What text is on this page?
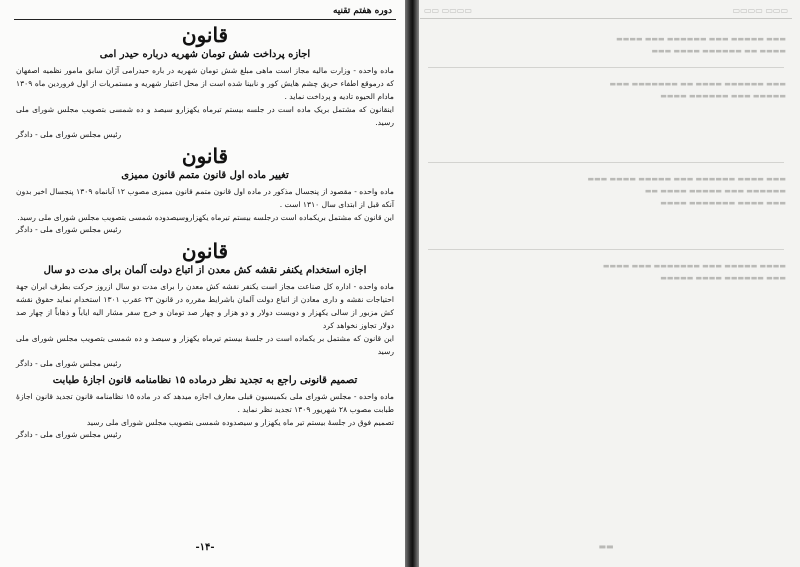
▭▭▭ ▭▭▭▭
▭▭▭▭ ▭▭
▬▬▬ ▬▬▬▬▬ ▬▬▬ ▬▬▬▬▬▬ ▬▬▬ ▬▬▬▬
▬▬▬▬ ▬▬ ▬▬▬▬▬▬ ▬▬▬▬ ▬▬▬
▬▬▬ ▬▬▬▬▬▬ ▬▬▬▬ ▬▬ ▬▬▬▬▬▬▬ ▬▬▬
▬▬▬▬▬ ▬▬▬ ▬▬▬▬▬▬ ▬▬▬▬
▬▬▬ ▬▬▬▬ ▬▬▬▬▬▬ ▬▬▬ ▬▬▬▬▬ ▬▬▬▬ ▬▬▬
▬▬▬▬▬▬ ▬▬▬ ▬▬▬▬▬ ▬▬▬▬ ▬▬
▬▬▬ ▬▬▬▬ ▬▬▬▬▬▬▬ ▬▬▬▬
▬▬▬▬ ▬▬▬▬▬ ▬▬▬ ▬▬▬▬▬▬▬ ▬▬▬ ▬▬▬▬
▬▬▬ ▬▬▬▬▬▬ ▬▬▬▬ ▬▬▬▬▬
▬▬
دوره هفتم تقنیه
قانون
اجازه پرداخت شش تومان شهریه درباره حیدر امی

ماده واحده - وزارت مالیه مجاز است ماهی مبلغ شش تومان شهریه در باره حیدرامی آژان سابق مامور نظمیه اصفهان که درموقع اطفاء حریق چشم هایش کور و نابینا شده است از محل اعتبار شهریه و مستمریات از اول فروردین ماه ۱۳۰۹ مادام الحیوه تادیه و پرداخت نماید .

اینقانون که مشتمل بریک ماده است در جلسه بیستم تیرماه یکهزارو سیصد و ده شمسی بتصویب مجلس شورای ملی رسید.

رئیس مجلس شورای ملی - دادگر
قانون
تغییر ماده اول قانون متمم قانون ممیزی

ماده واحده - مقصود از پنجسال مذکور در ماده اول قانون متمم قانون ممیزی مصوب ۱۲ آبانماه ۱۳۰۹ پنجسال اخیر بدون آنکه قبل از ابتدای سال ۱۳۱۰ است .

این قانون که مشتمل بریکماده است درجلسه بیستم تیرماه یکهزاروسیصدوده شمسی بتصویب مجلس شورای ملی رسید.

رئیس مجلس شورای ملی - دادگر
قانون
اجازه استخدام یکنفر نقشه کش معدن از اتباع دولت آلمان برای مدت دو سال

ماده واحده - اداره کل صناعت مجاز است یکنفر نقشه کش معدن را برای مدت دو سال ازروز حرکت بطرف ایران جهة احتیاجات نقشه و داری معادن از اتباع دولت آلمان باشرایط مقرره در قانون ۲۳ عقرب ۱۳۰۱ استخدام نماید حقوق نقشه کش مزبور از سالی یکهزار و دویست دولار و دو هزار و چهار صد تومان و خرج سفر مشار الیه ایاباً و ذهاباً از چهار صد دولار تجاوز نخواهد کرد

این قانون که مشتمل بر یکماده است در جلسهٔ بیستم تیرماه یکهزار و سیصد و ده شمسی بتصویب مجلس شورای ملی رسید

رئیس مجلس شورای ملی - دادگر
تصمیم قانونی راجع به تجدید نظر درماده ۱۵ نظامنامه قانون اجازهٔ طبابت

ماده واحده - مجلس شورای ملی بکمیسیون قبلی معارف اجازه میدهد که در ماده ۱۵ نظامنامه قانون تجدید قانون اجازهٔ طبابت مصوب ۲۸ شهریور ۱۳۰۹ تجدید نظر نماید .

تصمیم فوق در جلسهٔ بیستم تیر ماه یکهزار و سیصدوده شمسی بتصویب مجلس شورای ملی رسید

رئیس مجلس شورای ملی - دادگر
-۱۴-
